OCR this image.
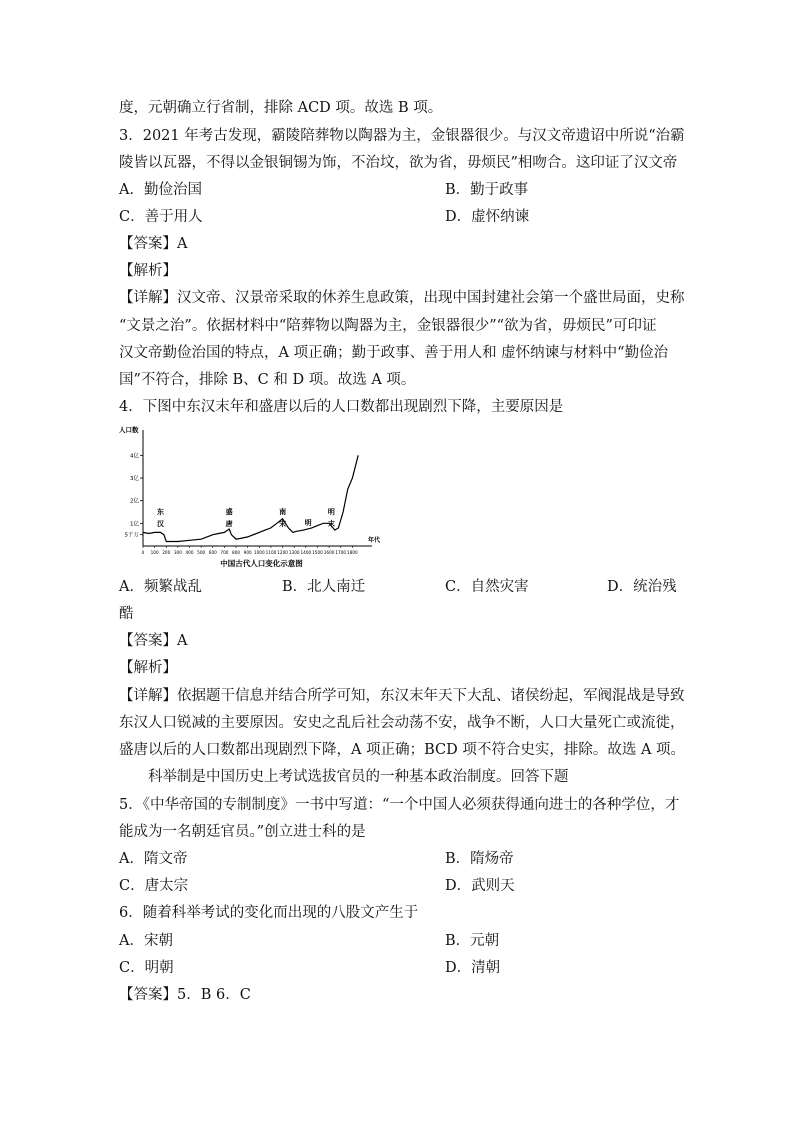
度，元朝确立行省制，排除 ACD 项。故选 B 项。
3．2021 年考古发现，霸陵陪葬物以陶器为主，金银器很少。与汉文帝遗诏中所说“治霸
陵皆以瓦器，不得以金银铜锡为饰，不治坟，欲为省，毋烦民”相吻合。这印证了汉文帝
A．勤俭治国	B．勤于政事
C．善于用人	D．虚怀纳谏
【答案】A
【解析】
【详解】汉文帝、汉景帝采取的休养生息政策，出现中国封建社会第一个盛世局面，史称
“文景之治”。依据材料中“陪葬物以陶器为主，金银器很少”“欲为省，毋烦民”可印证
汉文帝勤俭治国的特点，A 项正确；勤于政事、善于用人和 虚怀纳谏与材料中“勤俭治
国”不符合，排除 B、C 和 D 项。故选 A 项。
4．下图中东汉末年和盛唐以后的人口数都出现剧烈下降，主要原因是
人口数
年代
5千万
1亿
2亿
3亿
4亿
0 100 200 300 400 500 600 700 800 900 1000 1100 1200 1300 1400 1500 1600 1700 1800
东
汉
盛
唐
南
宋	明
明
末
中国古代人口变化示意图
A．频繁战乱	B．北人南迁	C．自然灾害	D．统治残
酷
【答案】A
【解析】
【详解】依据题干信息并结合所学可知，东汉末年天下大乱、诸侯纷起，军阀混战是导致
东汉人口锐减的主要原因。安史之乱后社会动荡不安，战争不断，人口大量死亡或流徙，
盛唐以后的人口数都出现剧烈下降，A 项正确；BCD 项不符合史实，排除。故选 A 项。
科举制是中国历史上考试选拔官员的一种基本政治制度。回答下题
5．《中华帝国的专制制度》一书中写道：“一个中国人必须获得通向进士的各种学位，才
能成为一名朝廷官员。”创立进士科的是
A．隋文帝	B．隋炀帝
C．唐太宗	D．武则天
6．随着科举考试的变化而出现的八股文产生于
A．宋朝	B．元朝
C．明朝	D．清朝
【答案】5．B 6．C
